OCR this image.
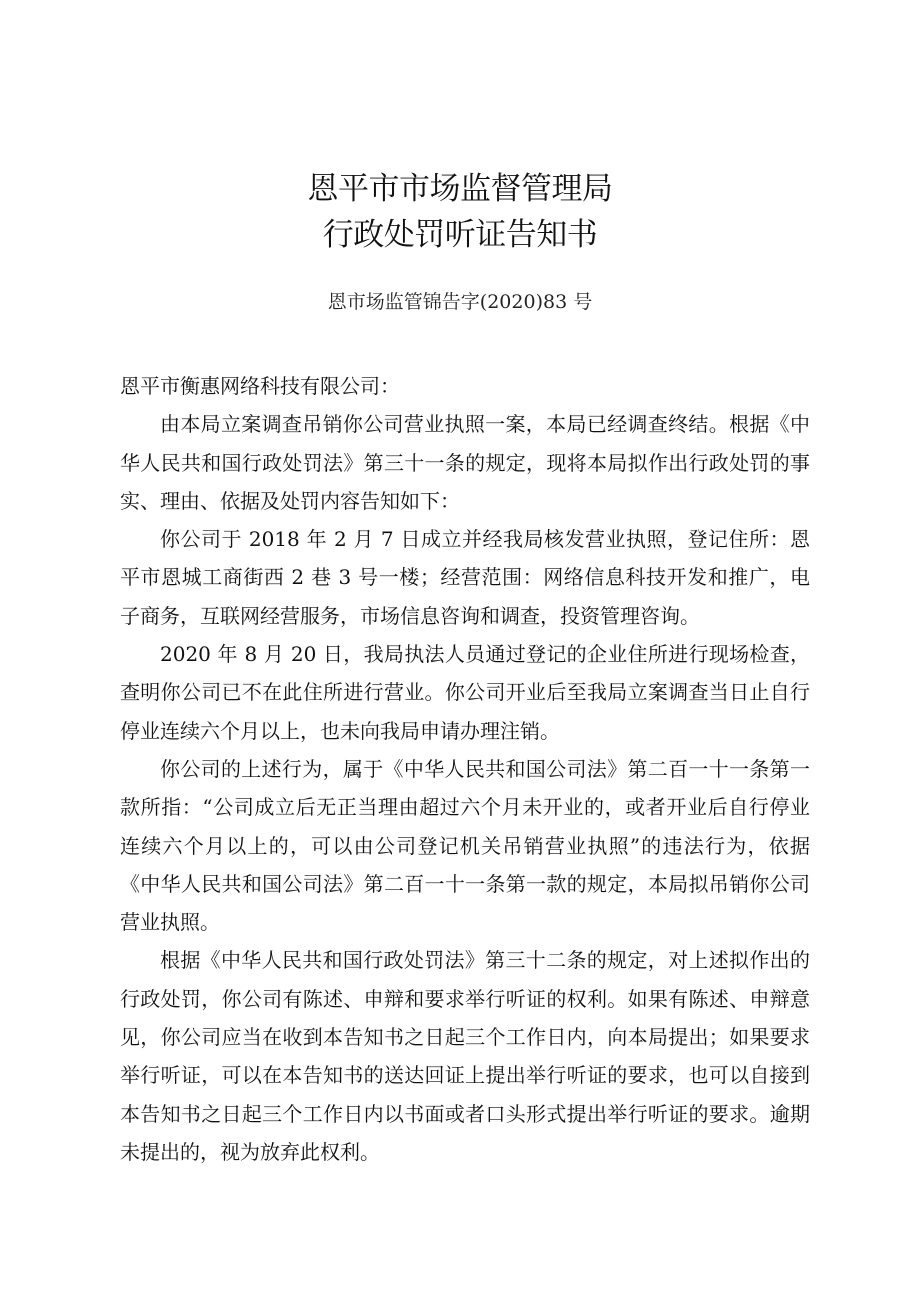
恩平市市场监督管理局
行政处罚听证告知书
恩市场监管锦告字(2020)83 号

恩平市衡惠网络科技有限公司：

由本局立案调查吊销你公司营业执照一案，本局已经调查终结。根据《中华人民共和国行政处罚法》第三十一条的规定，现将本局拟作出行政处罚的事实、理由、依据及处罚内容告知如下：

你公司于 2018 年 2 月 7 日成立并经我局核发营业执照，登记住所：恩平市恩城工商街西 2 巷 3 号一楼；经营范围：网络信息科技开发和推广，电子商务，互联网经营服务，市场信息咨询和调查，投资管理咨询。

2020 年 8 月 20 日，我局执法人员通过登记的企业住所进行现场检查，查明你公司已不在此住所进行营业。你公司开业后至我局立案调查当日止自行停业连续六个月以上，也未向我局申请办理注销。

你公司的上述行为，属于《中华人民共和国公司法》第二百一十一条第一款所指：“公司成立后无正当理由超过六个月未开业的，或者开业后自行停业连续六个月以上的，可以由公司登记机关吊销营业执照”的违法行为，依据《中华人民共和国公司法》第二百一十一条第一款的规定，本局拟吊销你公司营业执照。

根据《中华人民共和国行政处罚法》第三十二条的规定，对上述拟作出的行政处罚，你公司有陈述、申辩和要求举行听证的权利。如果有陈述、申辩意见，你公司应当在收到本告知书之日起三个工作日内，向本局提出；如果要求举行听证，可以在本告知书的送达回证上提出举行听证的要求，也可以自接到本告知书之日起三个工作日内以书面或者口头形式提出举行听证的要求。逾期未提出的，视为放弃此权利。
